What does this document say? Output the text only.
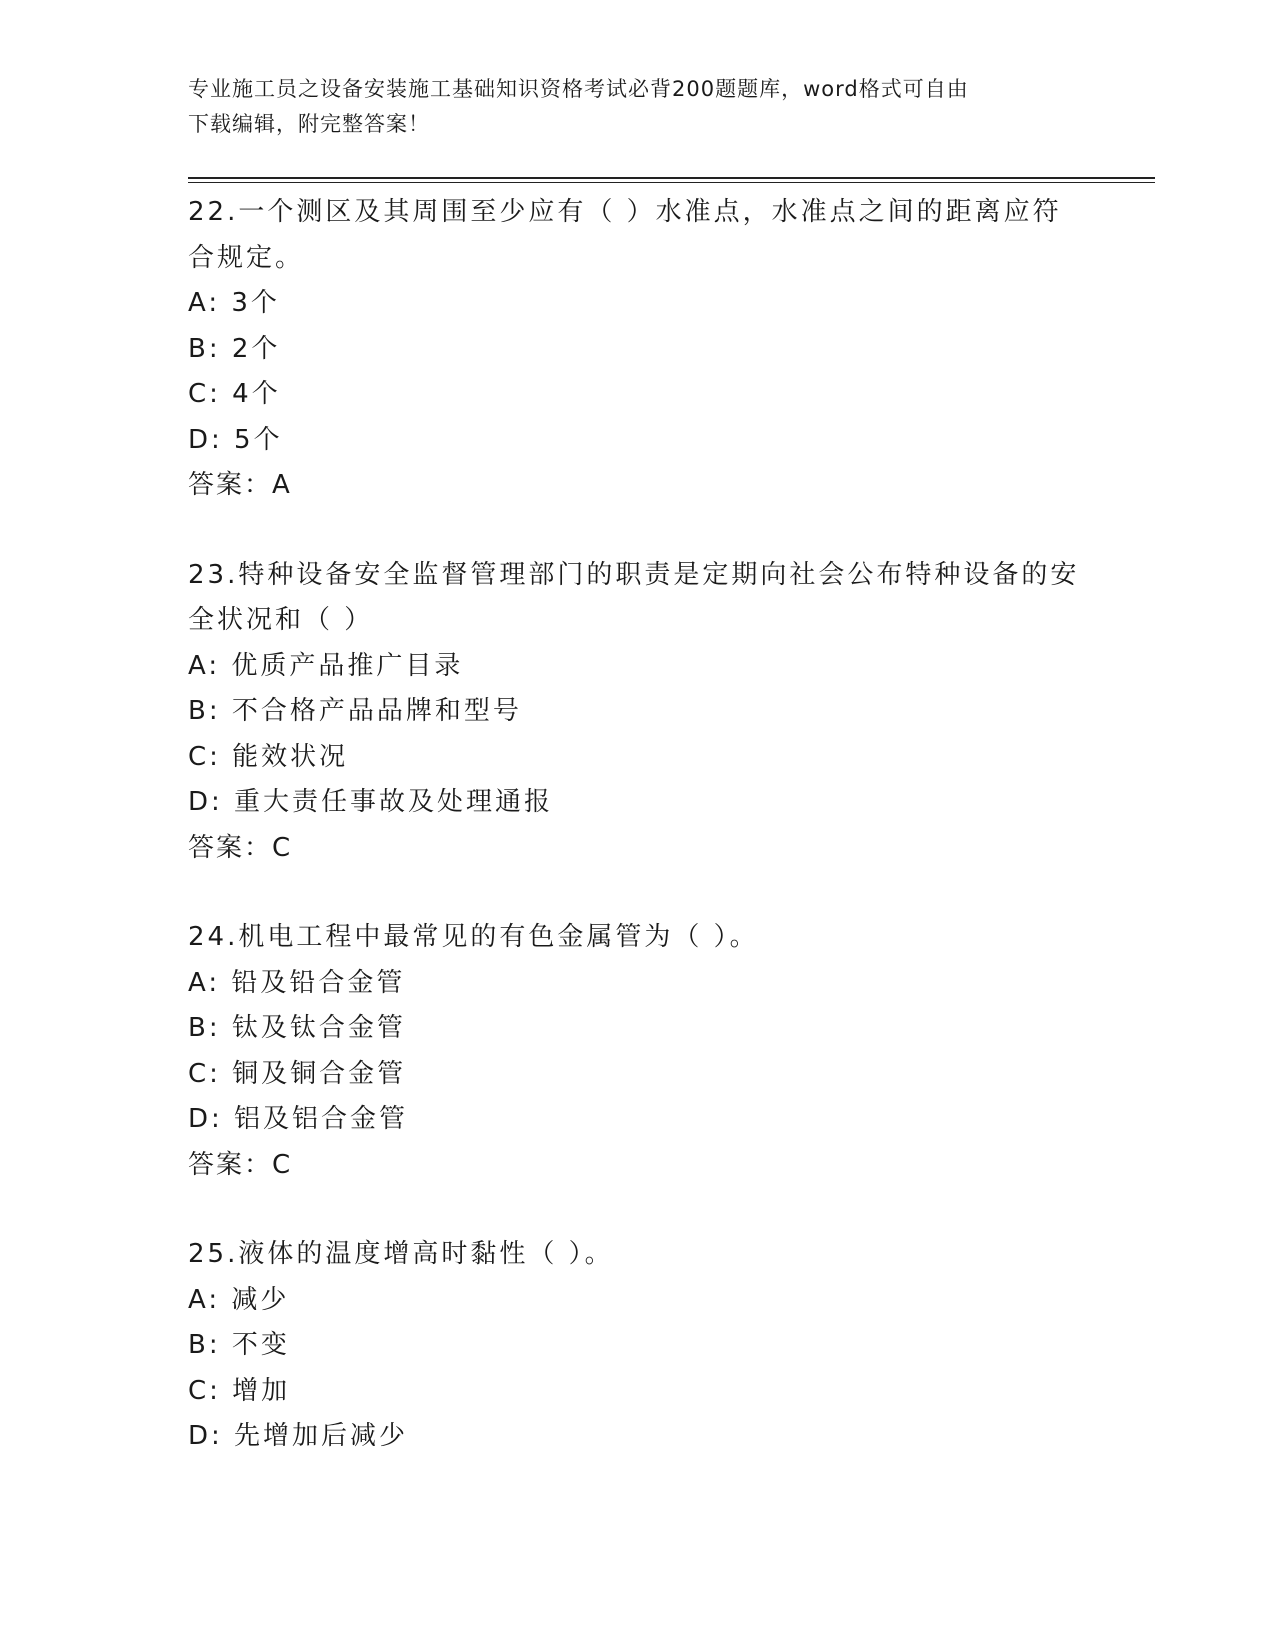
专业施工员之设备安装施工基础知识资格考试必背200题题库，word格式可自由
下载编辑，附完整答案！
22.一个测区及其周围至少应有（ ）水准点，水准点之间的距离应符
合规定。
A: 3个
B: 2个
C: 4个
D: 5个
答案：A
23.特种设备安全监督管理部门的职责是定期向社会公布特种设备的安
全状况和（ ）
A: 优质产品推广目录
B: 不合格产品品牌和型号
C: 能效状况
D: 重大责任事故及处理通报
答案：C
24.机电工程中最常见的有色金属管为（ ）。
A: 铅及铅合金管
B: 钛及钛合金管
C: 铜及铜合金管
D: 铝及铝合金管
答案：C
25.液体的温度增高时黏性（ ）。
A: 减少
B: 不变
C: 增加
D: 先增加后减少
